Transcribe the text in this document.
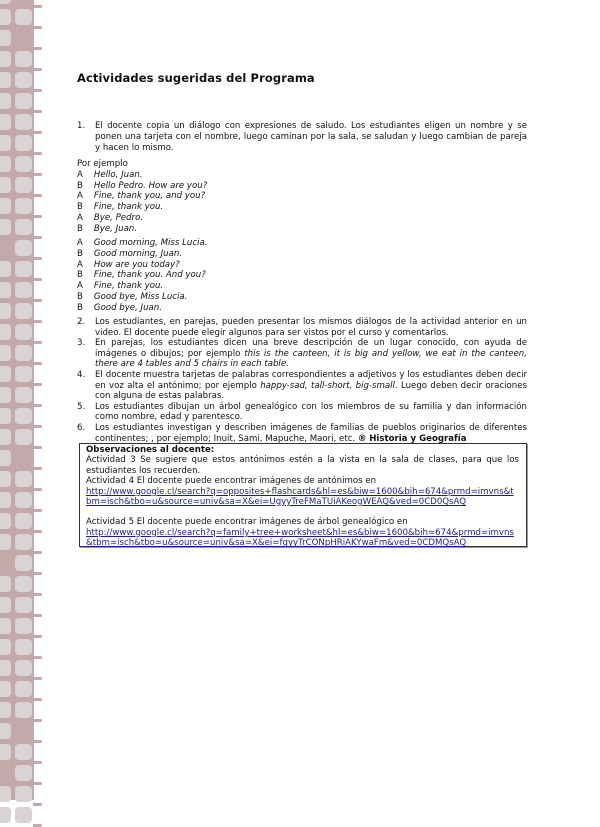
Actividades sugeridas del Programa
1. El docente copia un diálogo con expresiones de saludo. Los estudiantes eligen un nombre y se ponen una tarjeta con el nombre, luego caminan por la sala, se saludan y luego cambian de pareja y hacen lo mismo.
Por ejemplo
A Hello, Juan.
B Hello Pedro. How are you?
A Fine, thank you, and you?
B Fine, thank you.
A Bye, Pedro.
B Bye, Juan.
A Good morning, Miss Lucia.
B Good morning, Juan.
A How are you today?
B Fine, thank you. And you?
A Fine, thank you.
B Good bye, Miss Lucia.
B Good bye, Juan.
2. Los estudiantes, en parejas, pueden presentar los mismos diálogos de la actividad anterior en un video. El docente puede elegir algunos para ser vistos por el curso y comentarlos.
3. En parejas, los estudiantes dicen una breve descripción de un lugar conocido, con ayuda de imágenes o dibujos; por ejemplo this is the canteen, it is big and yellow, we eat in the canteen, there are 4 tables and 5 chairs in each table.
4. El docente muestra tarjetas de palabras correspondientes a adjetivos y los estudiantes deben decir en voz alta el antónimo; por ejemplo happy-sad, tall-short, big-small. Luego deben decir oraciones con alguna de estas palabras.
5. Los estudiantes dibujan un árbol genealógico con los miembros de su familia y dan información como nombre, edad y parentesco.
6. Los estudiantes investigan y describen imágenes de familias de pueblos originarios de diferentes continentes; , por ejemplo; Inuit, Sami, Mapuche, Maori, etc. ® Historia y Geografía
Observaciones al docente:
Actividad 3 Se sugiere que estos antónimos estén a la vista en la sala de clases, para que los estudiantes los recuerden.
Actividad 4 El docente puede encontrar imágenes de antónimos en
http://www.google.cl/search?q=opposites+flashcards&hl=es&biw=1600&bih=674&prmd=imvns&tbm=isch&tbo=u&source=univ&sa=X&ei=UgyyTreFMaTUiAKeogWEAQ&ved=0CD0QsAQ
Actividad 5 El docente puede encontrar imágenes de árbol genealógico en
http://www.google.cl/search?q=family+tree+worksheet&hl=es&biw=1600&bih=674&prmd=imvns&tbm=isch&tbo=u&source=univ&sa=X&ei=fgyyTrCONpHRiAKYwaFm&ved=0CDMQsAQ
